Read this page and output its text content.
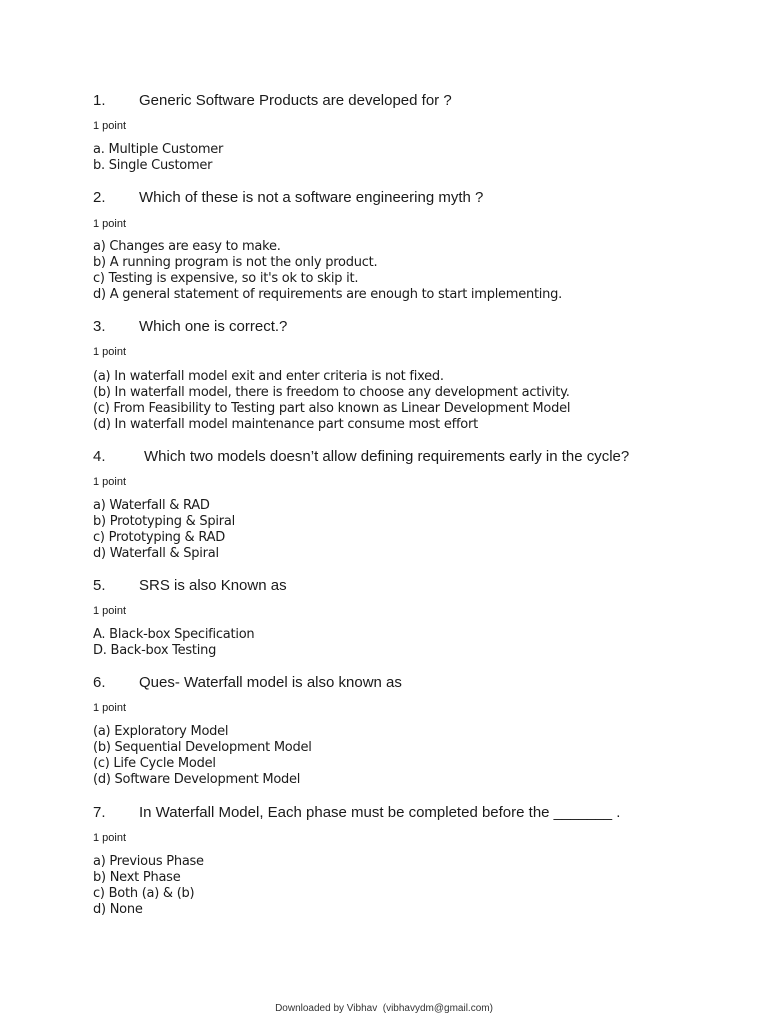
1. Generic Software Products are developed for ?
1 point
a. Multiple Customer
b. Single Customer
2. Which of these is not a software engineering myth ?
1 point
a) Changes are easy to make.
b) A running program is not the only product.
c) Testing is expensive, so it's ok to skip it.
d) A general statement of requirements are enough to start implementing.
3. Which one is correct.?
1 point
(a) In waterfall model exit and enter criteria is not fixed.
(b) In waterfall model, there is freedom to choose any development activity.
(c) From Feasibility to Testing part also known as Linear Development Model
(d) In waterfall model maintenance part consume most effort
4.	Which two models doesn’t allow defining requirements early in the cycle?
1 point
a) Waterfall & RAD
b) Prototyping & Spiral
c) Prototyping & RAD
d) Waterfall & Spiral
5. SRS is also Known as
1 point
A. Black-box Specification
D. Back-box Testing
6. Ques- Waterfall model is also known as
1 point
(a) Exploratory Model
(b) Sequential Development Model
(c) Life Cycle Model
(d) Software Development Model
7. In Waterfall Model, Each phase must be completed before the _______ .
1 point
a) Previous Phase
b) Next Phase
c) Both (a) & (b)
d) None
Downloaded by Vibhav  (vibhavydm@gmail.com)
